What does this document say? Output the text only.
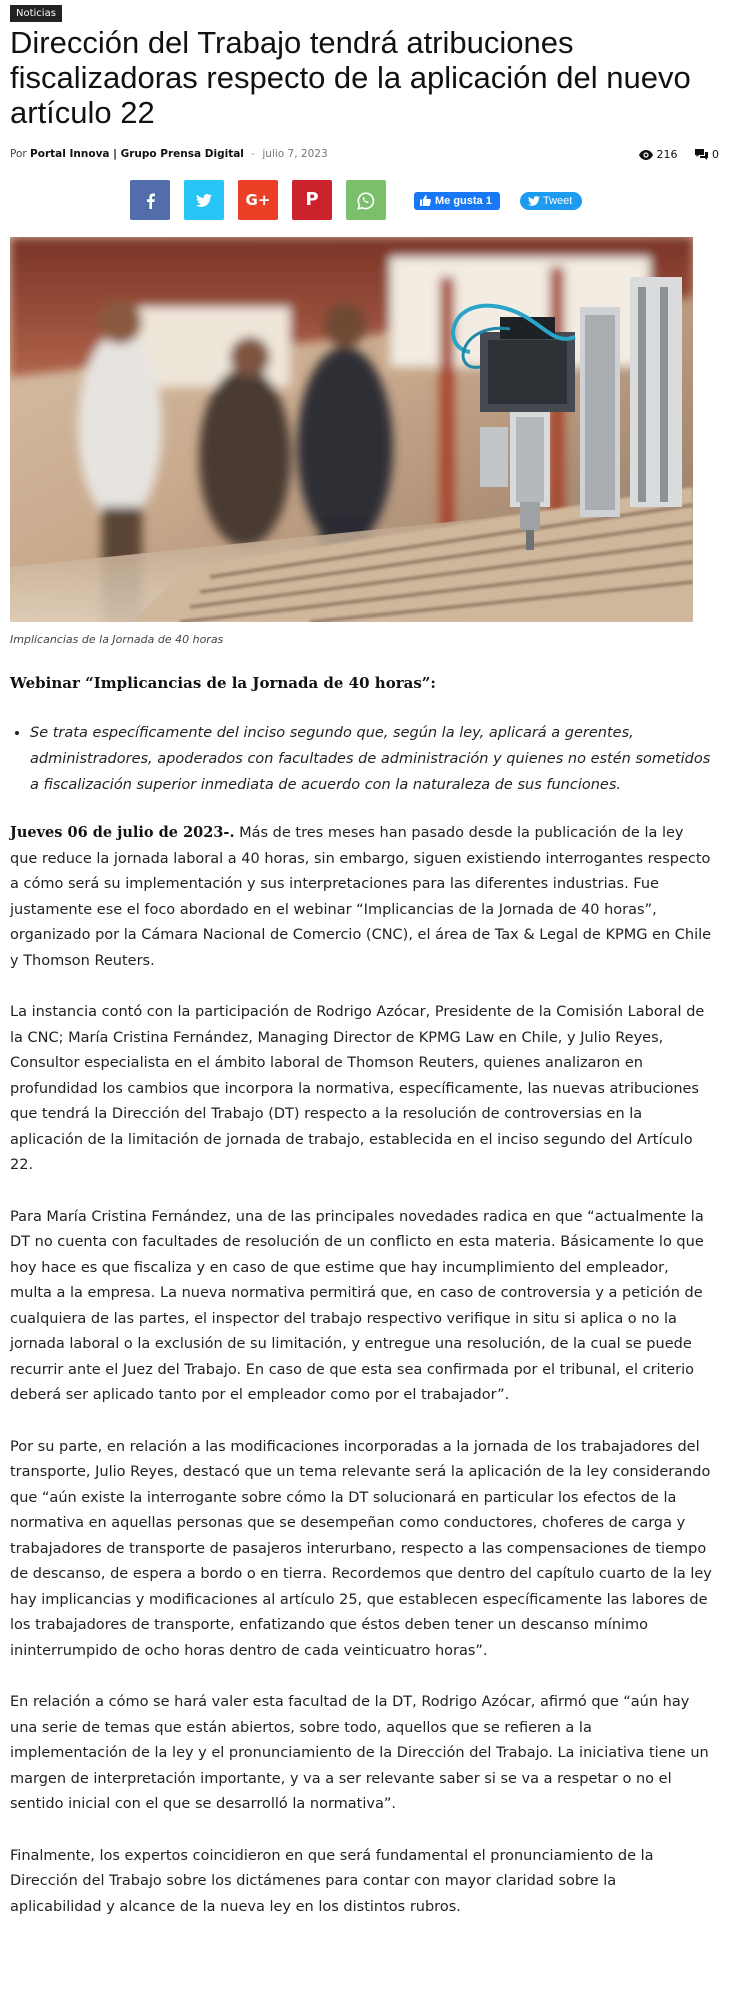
Noticias
Dirección del Trabajo tendrá atribuciones fiscalizadoras respecto de la aplicación del nuevo artículo 22
Por Portal Innova | Grupo Prensa Digital - julio 7, 2023	216	0
G+	P	Me gusta 1	Tweet
Implicancias de la Jornada de 40 horas

Webinar “Implicancias de la Jornada de 40 horas”:

• Se trata específicamente del inciso segundo que, según la ley, aplicará a gerentes, administradores, apoderados con facultades de administración y quienes no estén sometidos a fiscalización superior inmediata de acuerdo con la naturaleza de sus funciones.

Jueves 06 de julio de 2023-. Más de tres meses han pasado desde la publicación de la ley que reduce la jornada laboral a 40 horas, sin embargo, siguen existiendo interrogantes respecto a cómo será su implementación y sus interpretaciones para las diferentes industrias. Fue justamente ese el foco abordado en el webinar “Implicancias de la Jornada de 40 horas”, organizado por la Cámara Nacional de Comercio (CNC), el área de Tax & Legal de KPMG en Chile y Thomson Reuters.

La instancia contó con la participación de Rodrigo Azócar, Presidente de la Comisión Laboral de la CNC; María Cristina Fernández, Managing Director de KPMG Law en Chile, y Julio Reyes, Consultor especialista en el ámbito laboral de Thomson Reuters, quienes analizaron en profundidad los cambios que incorpora la normativa, específicamente, las nuevas atribuciones que tendrá la Dirección del Trabajo (DT) respecto a la resolución de controversias en la aplicación de la limitación de jornada de trabajo, establecida en el inciso segundo del Artículo 22.

Para María Cristina Fernández, una de las principales novedades radica en que “actualmente la DT no cuenta con facultades de resolución de un conflicto en esta materia. Básicamente lo que hoy hace es que fiscaliza y en caso de que estime que hay incumplimiento del empleador, multa a la empresa. La nueva normativa permitirá que, en caso de controversia y a petición de cualquiera de las partes, el inspector del trabajo respectivo verifique in situ si aplica o no la jornada laboral o la exclusión de su limitación, y entregue una resolución, de la cual se puede recurrir ante el Juez del Trabajo. En caso de que esta sea confirmada por el tribunal, el criterio deberá ser aplicado tanto por el empleador como por el trabajador”.

Por su parte, en relación a las modificaciones incorporadas a la jornada de los trabajadores del transporte, Julio Reyes, destacó que un tema relevante será la aplicación de la ley considerando que “aún existe la interrogante sobre cómo la DT solucionará en particular los efectos de la normativa en aquellas personas que se desempeñan como conductores, choferes de carga y trabajadores de transporte de pasajeros interurbano, respecto a las compensaciones de tiempo de descanso, de espera a bordo o en tierra. Recordemos que dentro del capítulo cuarto de la ley hay implicancias y modificaciones al artículo 25, que establecen específicamente las labores de los trabajadores de transporte, enfatizando que éstos deben tener un descanso mínimo ininterrumpido de ocho horas dentro de cada veinticuatro horas”.

En relación a cómo se hará valer esta facultad de la DT, Rodrigo Azócar, afirmó que “aún hay una serie de temas que están abiertos, sobre todo, aquellos que se refieren a la implementación de la ley y el pronunciamiento de la Dirección del Trabajo. La iniciativa tiene un margen de interpretación importante, y va a ser relevante saber si se va a respetar o no el sentido inicial con el que se desarrolló la normativa”.

Finalmente, los expertos coincidieron en que será fundamental el pronunciamiento de la Dirección del Trabajo sobre los dictámenes para contar con mayor claridad sobre la aplicabilidad y alcance de la nueva ley en los distintos rubros.
